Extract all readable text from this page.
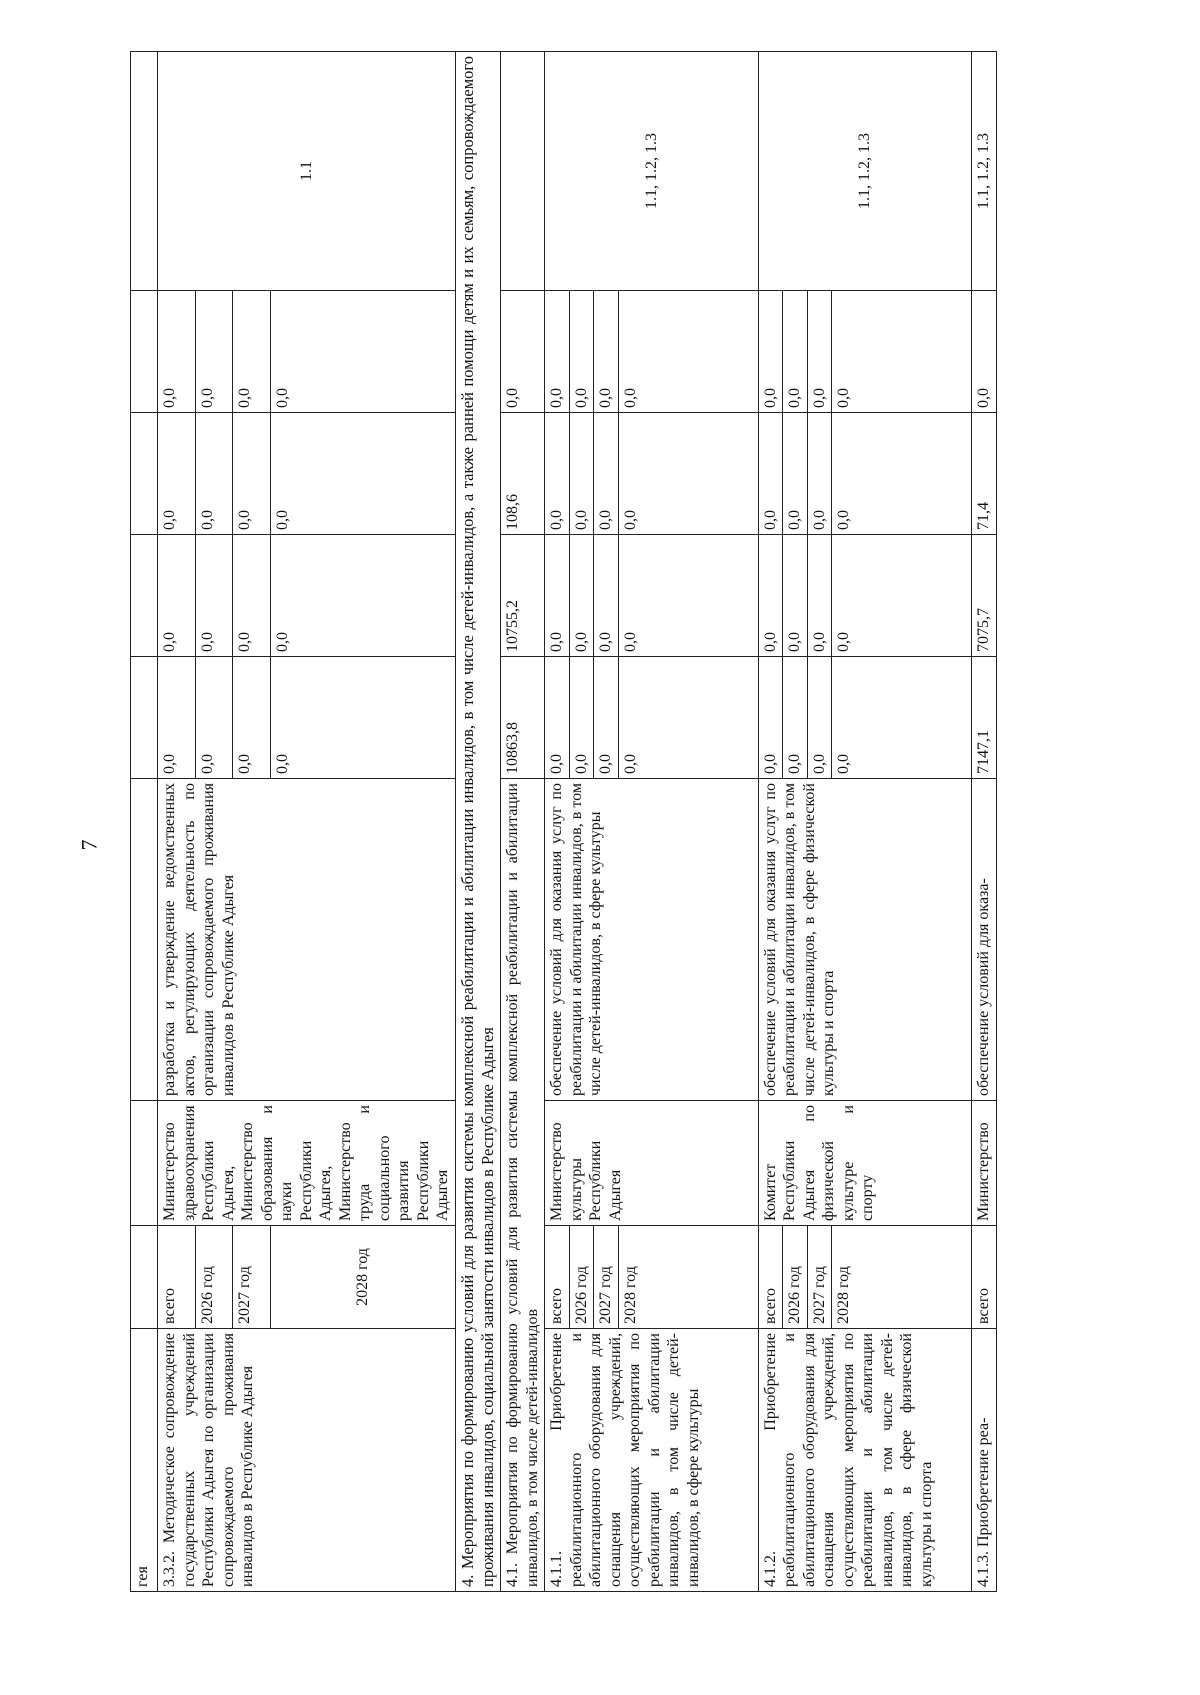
7
гея								
3.3.2. Методическое сопровождение государственных учреждений Республики Адыгея по организации сопровождаемого проживания инвалидов в Республике Адыгея	всего	Министерство здравоохранения Республики Адыгея, Министерство образования и науки Республики Адыгея, Министерство труда и социального развития Республики Адыгея	разработка и утверждение ведомственных актов, регулирующих деятельность по организации сопровождаемого проживания инвалидов в Республике Адыгея	0,0	0,0	0,0	0,0	1.1
	2026 год			0,0	0,0	0,0	0,0	
	2027 год			0,0	0,0	0,0	0,0	
	2028 год			0,0	0,0	0,0	0,0	
4. Мероприятия по формированию условий для развития системы комплексной реабилитации и абилитации инвалидов, в том числе детей-инвалидов, а также ранней помощи детям и их семьям, сопровождаемого проживания инвалидов, социальной занятости инвалидов в Республике Адыгея								
4.1. Мероприятия по формированию условий для развития системы комплексной реабилитации и абилитации инвалидов, в том числе детей-инвалидов				10863,8	10755,2	108,6	0,0	
4.1.1. Приобретение реабилитационного и абилитационного оборудования для оснащения учреждений, осуществляющих мероприятия по реабилитации и абилитации инвалидов, в том числе детей-инвалидов, в сфере культуры	всего	Министерство культуры Республики Адыгея	обеспечение условий для оказания услуг по реабилитации и абилитации инвалидов, в том числе детей-инвалидов, в сфере культуры	0,0	0,0	0,0	0,0	1.1, 1.2, 1.3
	2026 год			0,0	0,0	0,0	0,0	
	2027 год			0,0	0,0	0,0	0,0	
	2028 год			0,0	0,0	0,0	0,0	
4.1.2. Приобретение реабилитационного и абилитационного оборудования для оснащения учреждений, осуществляющих мероприятия по реабилитации и абилитации инвалидов, в том числе детей-инвалидов, в сфере физической культуры и спорта	всего	Комитет Республики Адыгея по физической культуре и спорту	обеспечение условий для оказания услуг по реабилитации и абилитации инвалидов, в том числе детей-инвалидов, в сфере физической культуры и спорта	0,0	0,0	0,0	0,0	1.1, 1.2, 1.3
	2026 год			0,0	0,0	0,0	0,0	
	2027 год			0,0	0,0	0,0	0,0	
	2028 год			0,0	0,0	0,0	0,0	
4.1.3. Приобретение реа-	всего	Министерство	обеспечение условий для оказа-	7147,1	7075,7	71,4	0,0	1.1, 1.2, 1.3
